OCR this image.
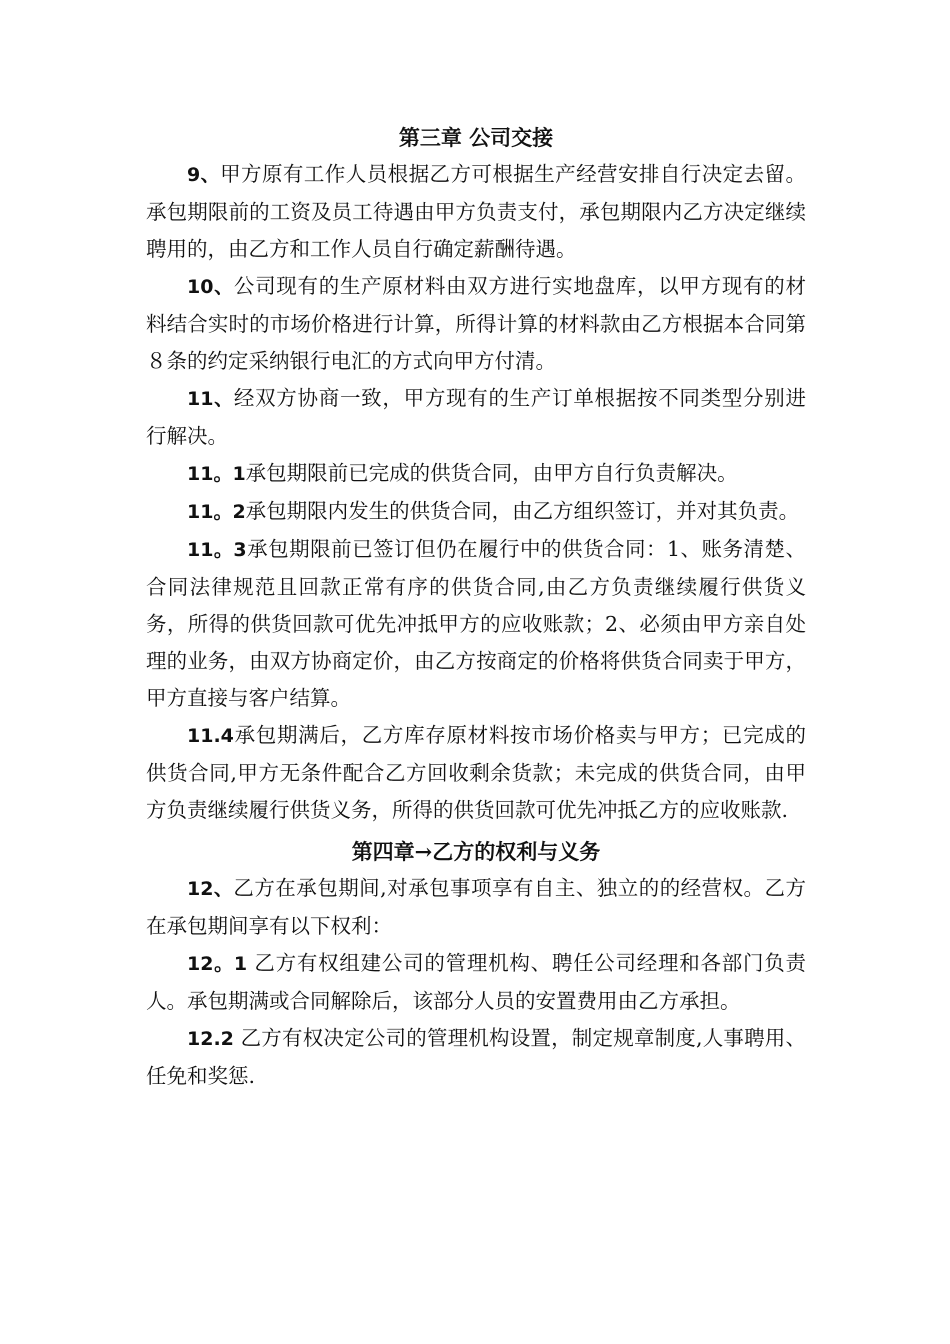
第三章 公司交接

9、甲方原有工作人员根据乙方可根据生产经营安排自行决定去留。承包期限前的工资及员工待遇由甲方负责支付，承包期限内乙方决定继续聘用的，由乙方和工作人员自行确定薪酬待遇。

10、公司现有的生产原材料由双方进行实地盘库，以甲方现有的材料结合实时的市场价格进行计算，所得计算的材料款由乙方根据本合同第８条的约定采纳银行电汇的方式向甲方付清。

11、经双方协商一致，甲方现有的生产订单根据按不同类型分别进行解决。

11。1承包期限前已完成的供货合同，由甲方自行负责解决。

11。2承包期限内发生的供货合同，由乙方组织签订，并对其负责。

11。3承包期限前已签订但仍在履行中的供货合同：1、账务清楚、合同法律规范且回款正常有序的供货合同,由乙方负责继续履行供货义务，所得的供货回款可优先冲抵甲方的应收账款；2、必须由甲方亲自处理的业务，由双方协商定价，由乙方按商定的价格将供货合同卖于甲方，甲方直接与客户结算。

11.4承包期满后，乙方库存原材料按市场价格卖与甲方；已完成的供货合同,甲方无条件配合乙方回收剩余货款；未完成的供货合同，由甲方负责继续履行供货义务，所得的供货回款可优先冲抵乙方的应收账款.

第四章→乙方的权利与义务

12、乙方在承包期间,对承包事项享有自主、独立的的经营权。乙方在承包期间享有以下权利：

12。1 乙方有权组建公司的管理机构、聘任公司经理和各部门负责人。承包期满或合同解除后，该部分人员的安置费用由乙方承担。

12.2 乙方有权决定公司的管理机构设置，制定规章制度,人事聘用、任免和奖惩.
